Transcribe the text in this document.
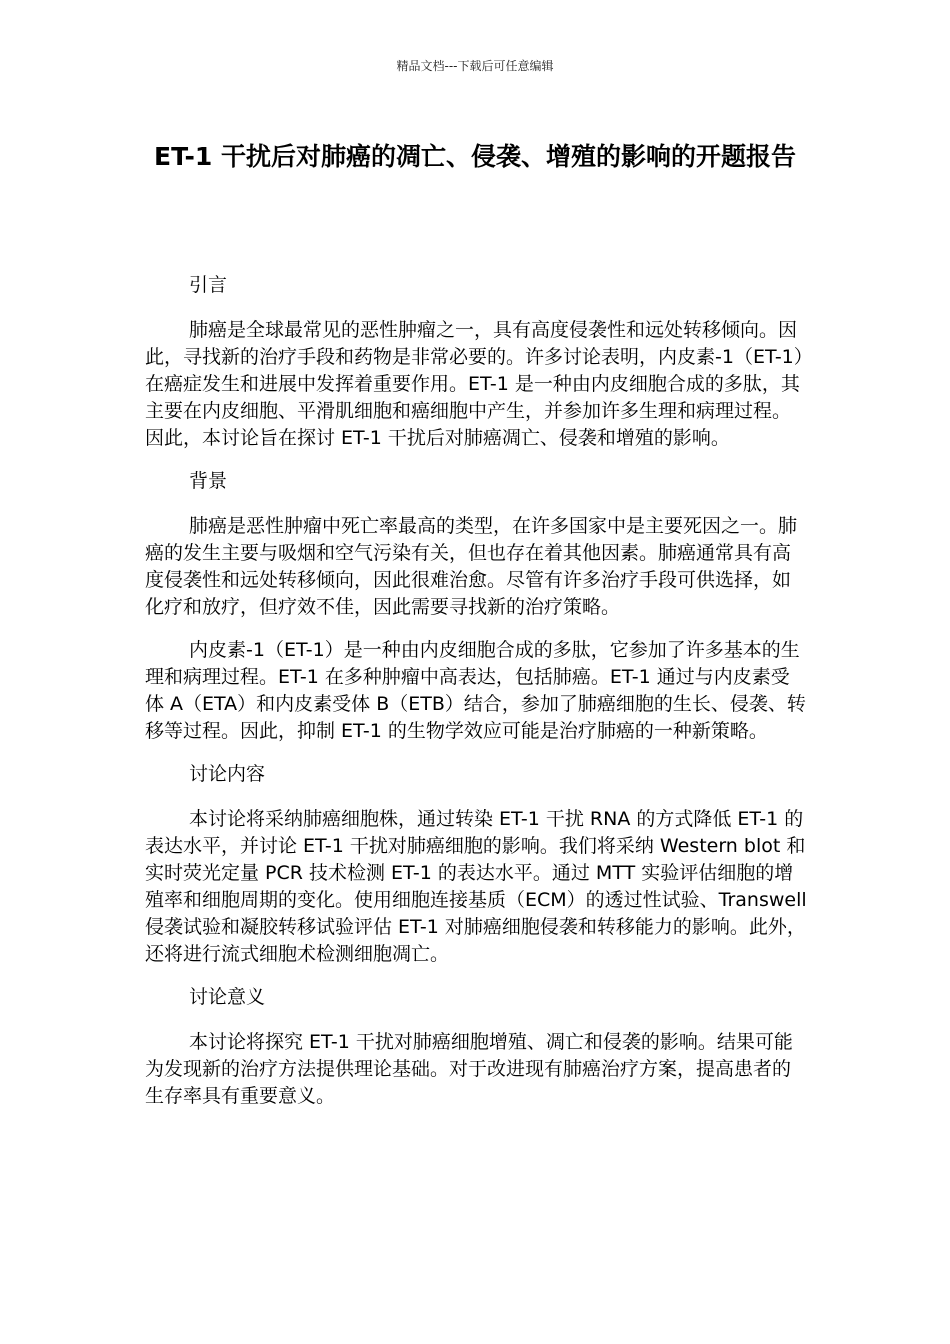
精品文档---下载后可任意编辑
ET-1 干扰后对肺癌的凋亡、侵袭、增殖的影响的开题报告
引言

肺癌是全球最常见的恶性肿瘤之一，具有高度侵袭性和远处转移倾向。因此，寻找新的治疗手段和药物是非常必要的。许多讨论表明，内皮素-1（ET-1）在癌症发生和进展中发挥着重要作用。ET-1 是一种由内皮细胞合成的多肽，其主要在内皮细胞、平滑肌细胞和癌细胞中产生，并参加许多生理和病理过程。因此，本讨论旨在探讨 ET-1 干扰后对肺癌凋亡、侵袭和增殖的影响。

背景

肺癌是恶性肿瘤中死亡率最高的类型，在许多国家中是主要死因之一。肺癌的发生主要与吸烟和空气污染有关，但也存在着其他因素。肺癌通常具有高度侵袭性和远处转移倾向，因此很难治愈。尽管有许多治疗手段可供选择，如化疗和放疗，但疗效不佳，因此需要寻找新的治疗策略。

内皮素-1（ET-1）是一种由内皮细胞合成的多肽，它参加了许多基本的生理和病理过程。ET-1 在多种肿瘤中高表达，包括肺癌。ET-1 通过与内皮素受体 A（ETA）和内皮素受体 B（ETB）结合，参加了肺癌细胞的生长、侵袭、转移等过程。因此，抑制 ET-1 的生物学效应可能是治疗肺癌的一种新策略。

讨论内容

本讨论将采纳肺癌细胞株，通过转染 ET-1 干扰 RNA 的方式降低 ET-1 的表达水平，并讨论 ET-1 干扰对肺癌细胞的影响。我们将采纳 Western blot 和实时荧光定量 PCR 技术检测 ET-1 的表达水平。通过 MTT 实验评估细胞的增殖率和细胞周期的变化。使用细胞连接基质（ECM）的透过性试验、Transwell 侵袭试验和凝胶转移试验评估 ET-1 对肺癌细胞侵袭和转移能力的影响。此外，还将进行流式细胞术检测细胞凋亡。

讨论意义

本讨论将探究 ET-1 干扰对肺癌细胞增殖、凋亡和侵袭的影响。结果可能为发现新的治疗方法提供理论基础。对于改进现有肺癌治疗方案，提高患者的生存率具有重要意义。
